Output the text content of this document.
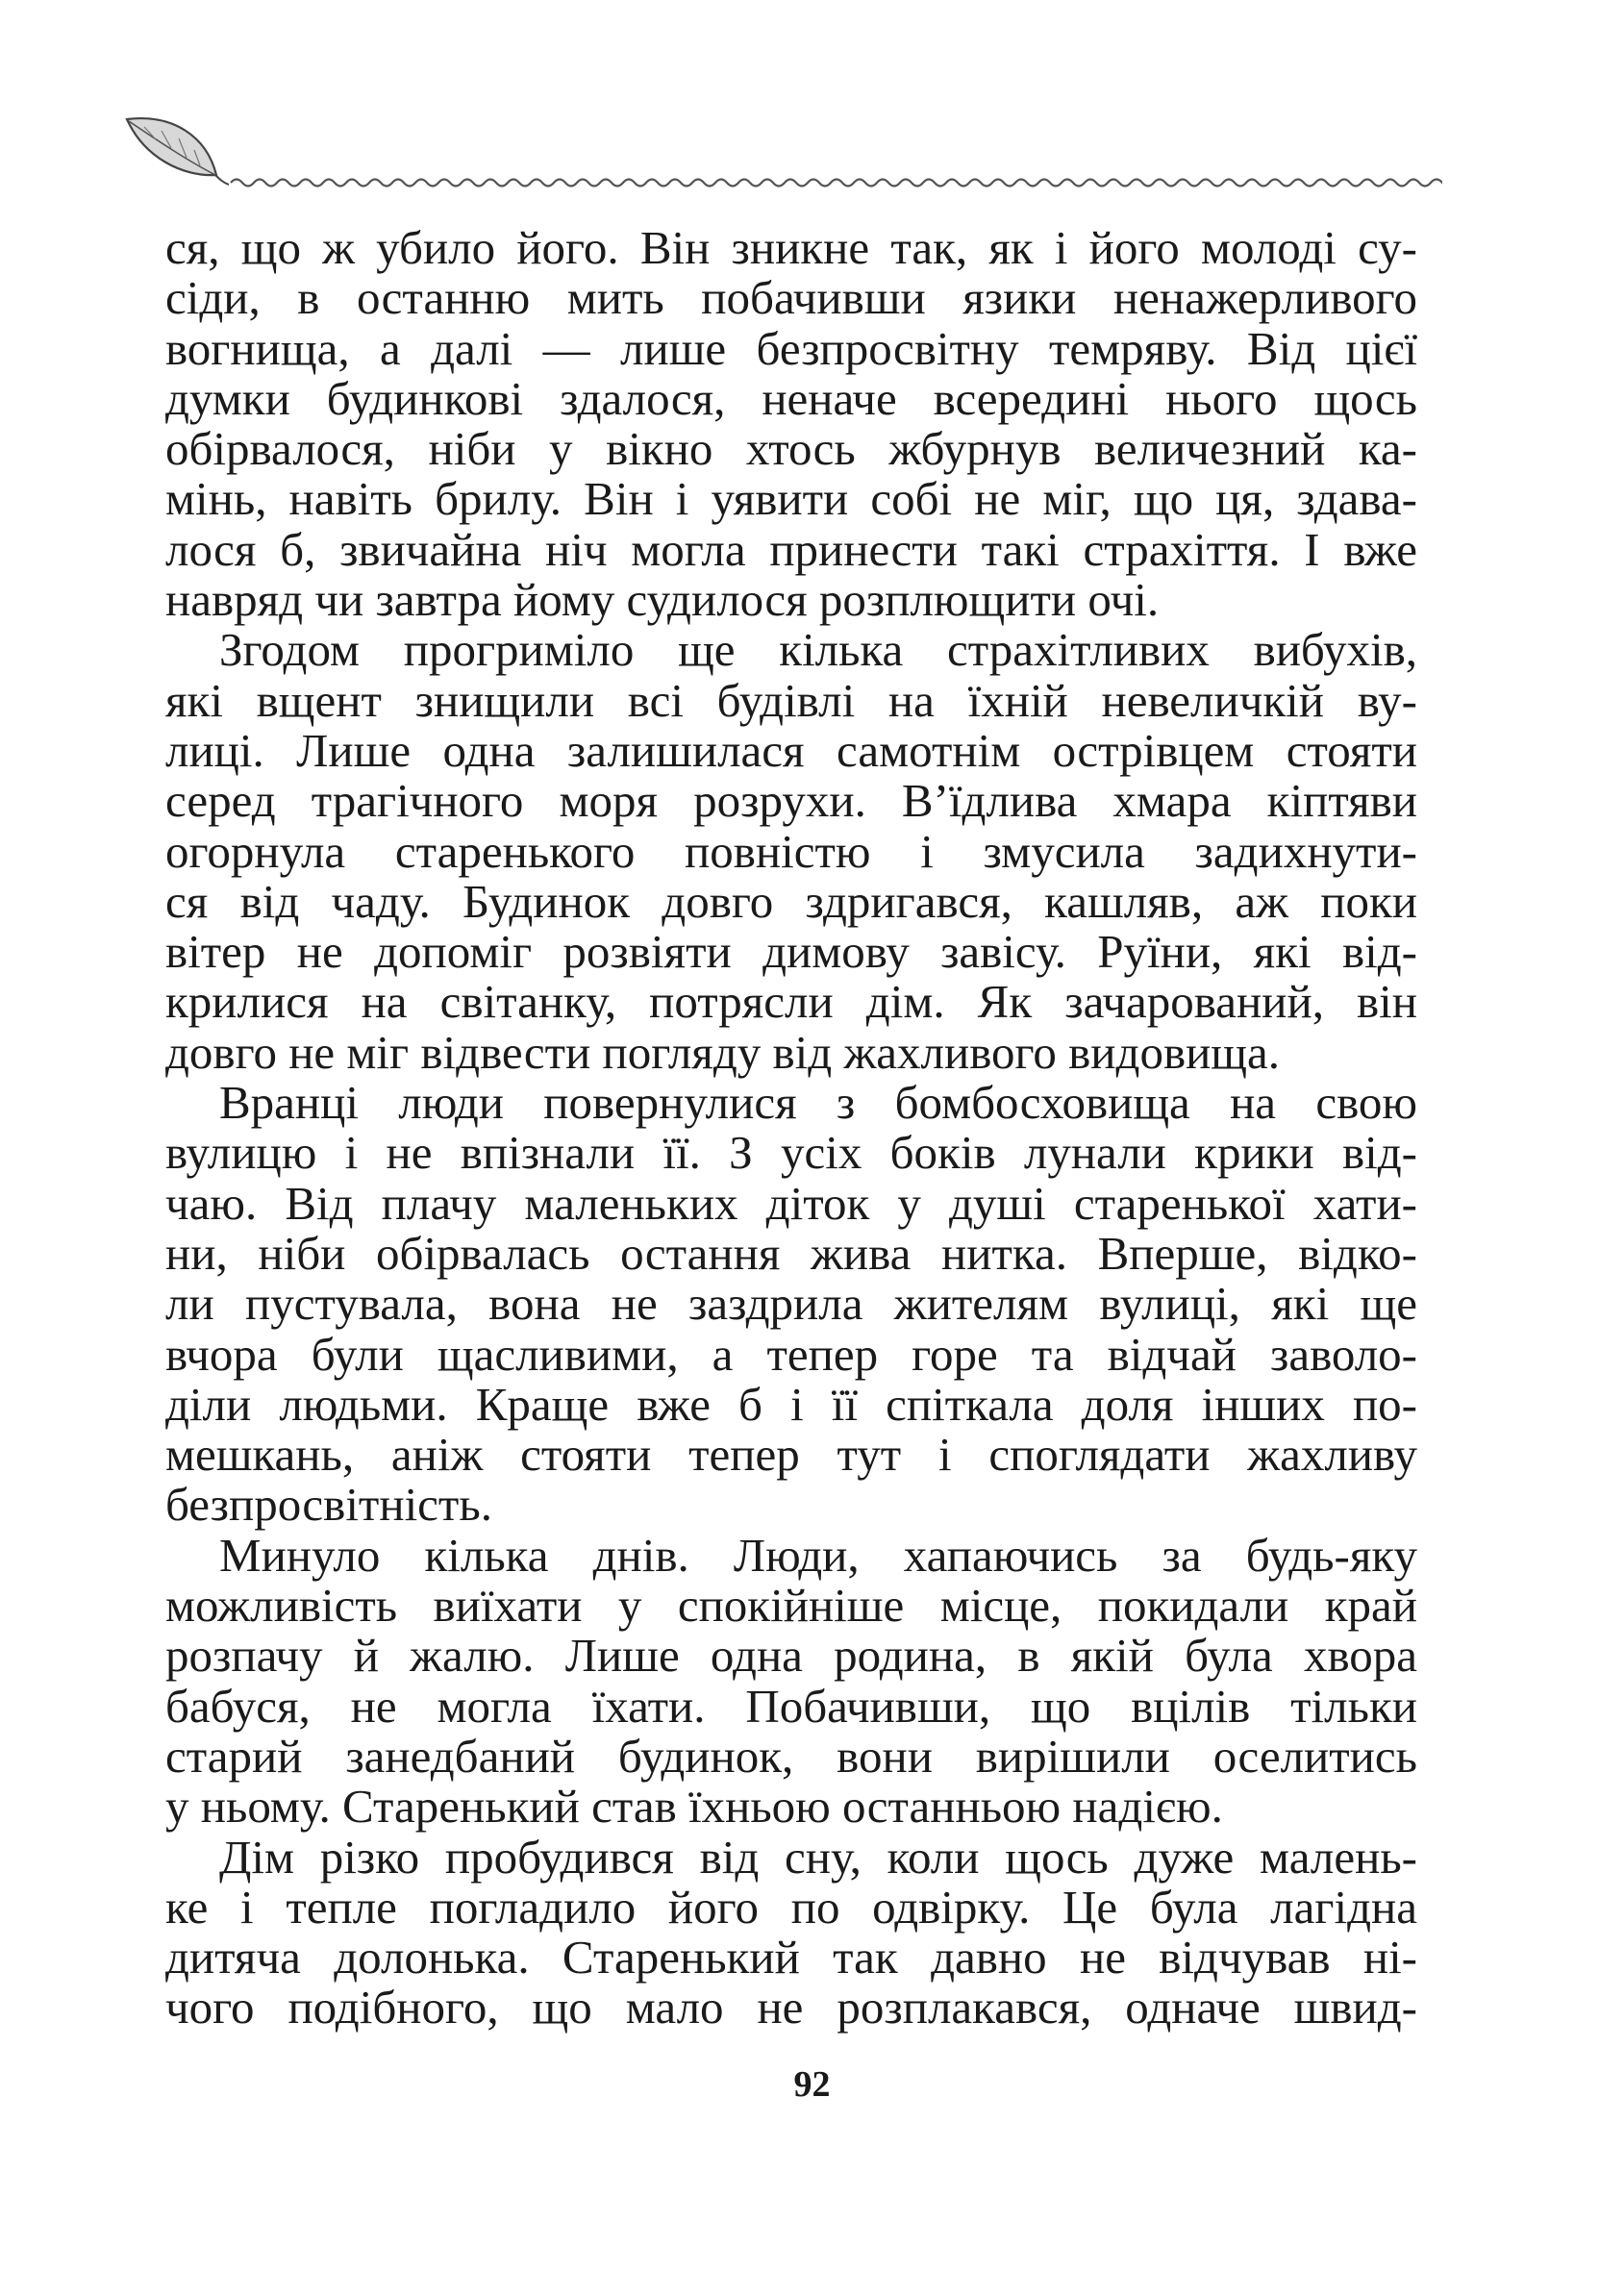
ся, що ж убило його. Він зникне так, як і його молоді су-
сіди, в останню мить побачивши язики ненажерливого
вогнища, а далі — лише безпросвітну темряву. Від цієї
думки будинкові здалося, неначе всередині нього щось
обірвалося, ніби у вікно хтось жбурнув величезний ка-
мінь, навіть брилу. Він і уявити собі не міг, що ця, здава-
лося б, звичайна ніч могла принести такі страхіття. І вже
навряд чи завтра йому судилося розплющити очі.
Згодом прогриміло ще кілька страхітливих вибухів,
які вщент знищили всі будівлі на їхній невеличкій ву-
лиці. Лише одна залишилася самотнім острівцем стояти
серед трагічного моря розрухи. В’їдлива хмара кіптяви
огорнула старенького повністю і змусила задихнути-
ся від чаду. Будинок довго здригався, кашляв, аж поки
вітер не допоміг розвіяти димову завісу. Руїни, які від-
крилися на світанку, потрясли дім. Як зачарований, він
довго не міг відвести погляду від жахливого видовища.
Вранці люди повернулися з бомбосховища на свою
вулицю і не впізнали її. З усіх боків лунали крики від-
чаю. Від плачу маленьких діток у душі старенької хати-
ни, ніби обірвалась остання жива нитка. Вперше, відко-
ли пустувала, вона не заздрила жителям вулиці, які ще
вчора були щасливими, а тепер горе та відчай заволо-
діли людьми. Краще вже б і її спіткала доля інших по-
мешкань, аніж стояти тепер тут і споглядати жахливу
безпросвітність.
Минуло кілька днів. Люди, хапаючись за будь-яку
можливість виїхати у спокійніше місце, покидали край
розпачу й жалю. Лише одна родина, в якій була хвора
бабуся, не могла їхати. Побачивши, що вцілів тільки
старий занедбаний будинок, вони вирішили оселитись
у ньому. Старенький став їхньою останньою надією.
Дім різко пробудився від сну, коли щось дуже малень-
ке і тепле погладило його по одвірку. Це була лагідна
дитяча долонька. Старенький так давно не відчував ні-
чого подібного, що мало не розплакався, одначе швид-
92
